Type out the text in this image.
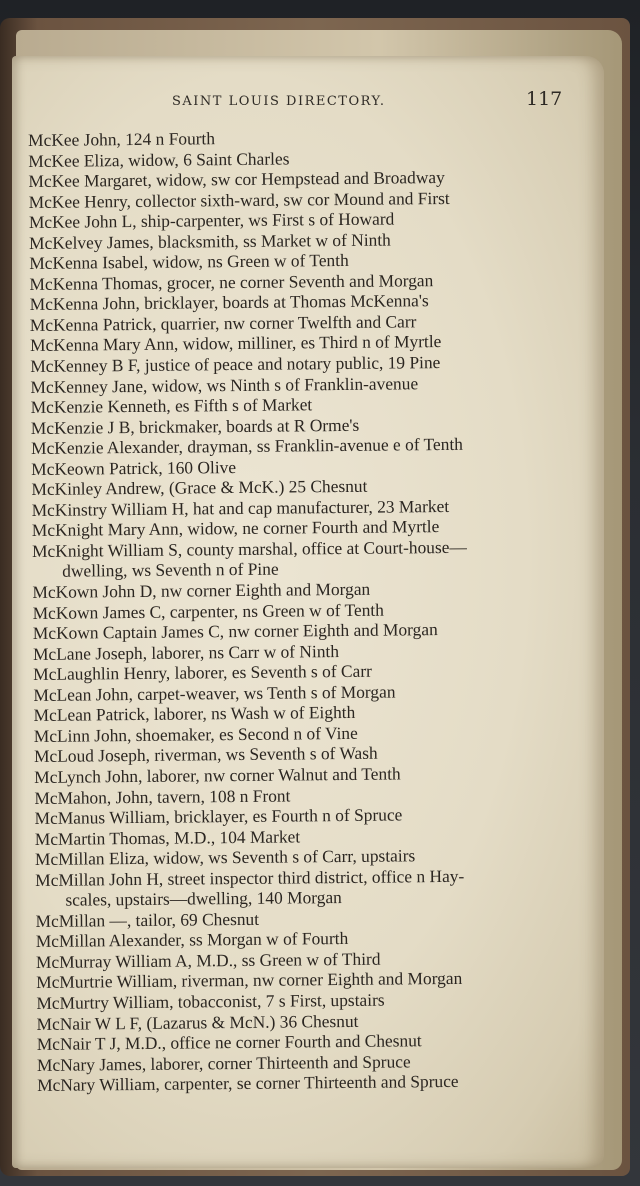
SAINT LOUIS DIRECTORY.	117
McKee John, 124 n Fourth
McKee Eliza, widow, 6 Saint Charles
McKee Margaret, widow, sw cor Hempstead and Broadway
McKee Henry, collector sixth-ward, sw cor Mound and First
McKee John L, ship-carpenter, ws First s of Howard
McKelvey James, blacksmith, ss Market w of Ninth
McKenna Isabel, widow, ns Green w of Tenth
McKenna Thomas, grocer, ne corner Seventh and Morgan
McKenna John, bricklayer, boards at Thomas McKenna's
McKenna Patrick, quarrier, nw corner Twelfth and Carr
McKenna Mary Ann, widow, milliner, es Third n of Myrtle
McKenney B F, justice of peace and notary public, 19 Pine
McKenney Jane, widow, ws Ninth s of Franklin-avenue
McKenzie Kenneth, es Fifth s of Market
McKenzie J B, brickmaker, boards at R Orme's
McKenzie Alexander, drayman, ss Franklin-avenue e of Tenth
McKeown Patrick, 160 Olive
McKinley Andrew, (Grace & McK.) 25 Chesnut
McKinstry William H, hat and cap manufacturer, 23 Market
McKnight Mary Ann, widow, ne corner Fourth and Myrtle
McKnight William S, county marshal, office at Court-house—
dwelling, ws Seventh n of Pine
McKown John D, nw corner Eighth and Morgan
McKown James C, carpenter, ns Green w of Tenth
McKown Captain James C, nw corner Eighth and Morgan
McLane Joseph, laborer, ns Carr w of Ninth
McLaughlin Henry, laborer, es Seventh s of Carr
McLean John, carpet-weaver, ws Tenth s of Morgan
McLean Patrick, laborer, ns Wash w of Eighth
McLinn John, shoemaker, es Second n of Vine
McLoud Joseph, riverman, ws Seventh s of Wash
McLynch John, laborer, nw corner Walnut and Tenth
McMahon, John, tavern, 108 n Front
McManus William, bricklayer, es Fourth n of Spruce
McMartin Thomas, M.D., 104 Market
McMillan Eliza, widow, ws Seventh s of Carr, upstairs
McMillan John H, street inspector third district, office n Hay-
scales, upstairs—dwelling, 140 Morgan
McMillan —, tailor, 69 Chesnut
McMillan Alexander, ss Morgan w of Fourth
McMurray William A, M.D., ss Green w of Third
McMurtrie William, riverman, nw corner Eighth and Morgan
McMurtry William, tobacconist, 7 s First, upstairs
McNair W L F, (Lazarus & McN.) 36 Chesnut
McNair T J, M.D., office ne corner Fourth and Chesnut
McNary James, laborer, corner Thirteenth and Spruce
McNary William, carpenter, se corner Thirteenth and Spruce
